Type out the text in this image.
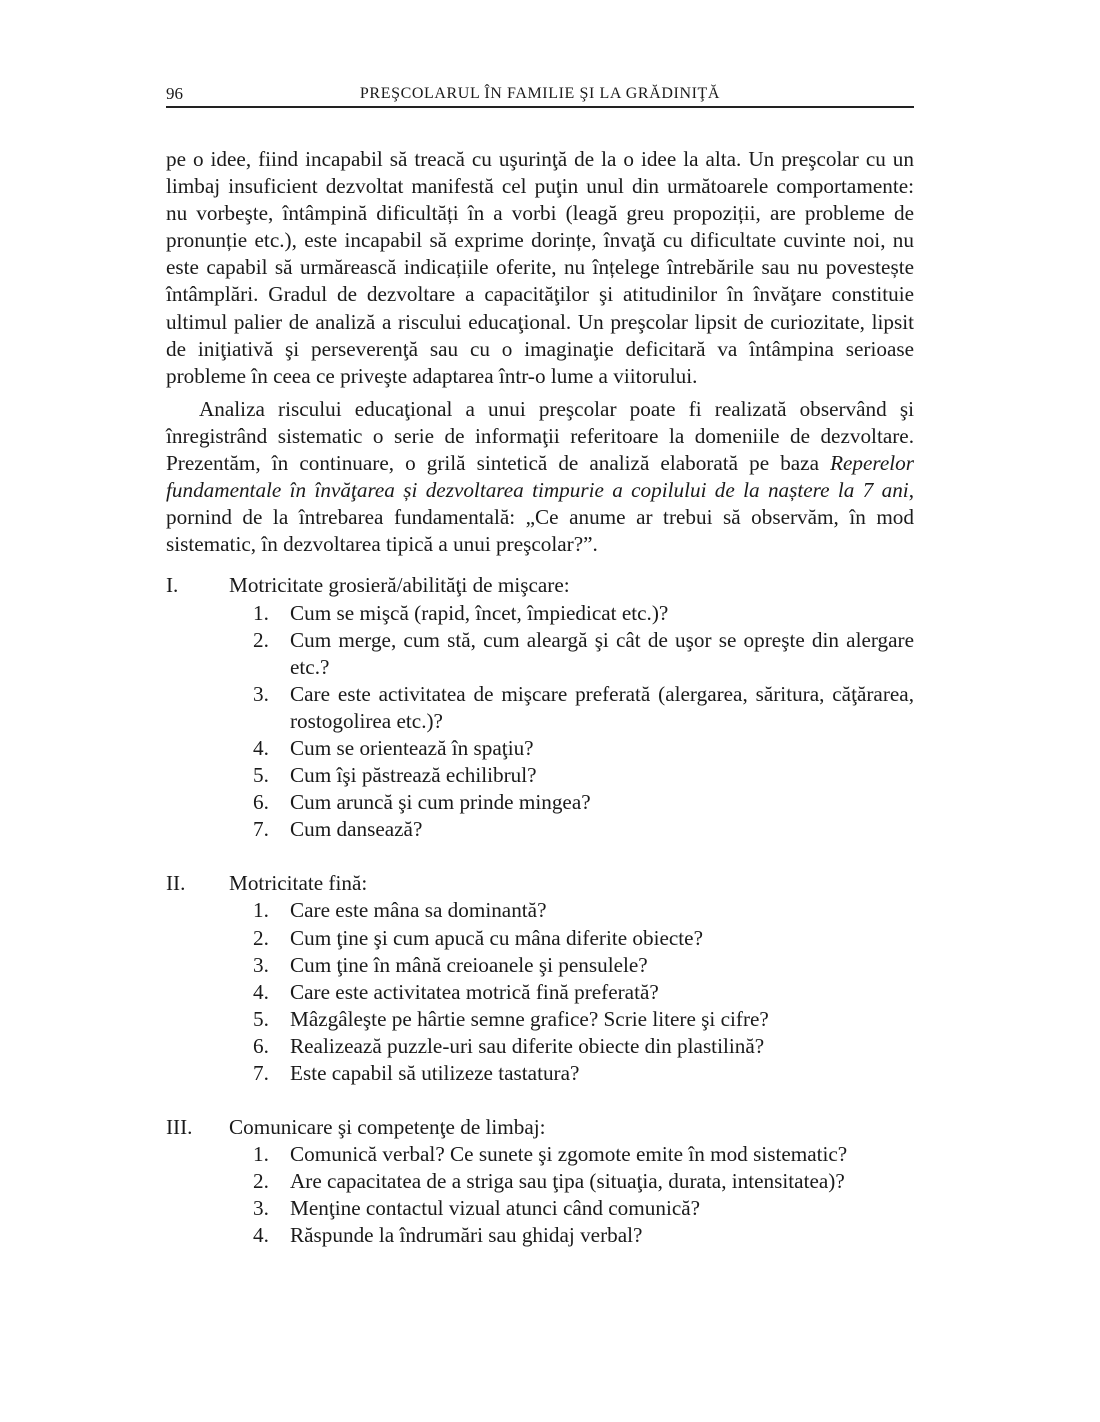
96	PREŞCOLARUL ÎN FAMILIE ŞI LA GRĂDINIŢĂ

pe o idee, fiind incapabil să treacă cu uşurinţă de la o idee la alta. Un preşcolar cu un limbaj insuficient dezvoltat manifestă cel puţin unul din următoarele comportamente: nu vorbeşte, întâmpină dificultăți în a vorbi (leagă greu propoziții, are probleme de pronunție etc.), este incapabil să exprime dorințe, învaţă cu dificultate cuvinte noi, nu este capabil să urmărească indicațiile oferite, nu înțelege întrebările sau nu povestește întâmplări. Gradul de dezvoltare a capacităţilor şi atitudinilor în învăţare constituie ultimul palier de analiză a riscului educaţional. Un preşcolar lipsit de curiozitate, lipsit de iniţiativă şi perseverenţă sau cu o imaginaţie deficitară va întâmpina serioase probleme în ceea ce priveşte adaptarea într-o lume a viitorului.

Analiza riscului educaţional a unui preşcolar poate fi realizată observând şi înregistrând sistematic o serie de informaţii referitoare la domeniile de dezvoltare. Prezentăm, în continuare, o grilă sintetică de analiză elaborată pe baza Reperelor fundamentale în învăţarea și dezvoltarea timpurie a copilului de la naștere la 7 ani, pornind de la întrebarea fundamentală: „Ce anume ar trebui să observăm, în mod sistematic, în dezvoltarea tipică a unui preşcolar?”.

I. Motricitate grosieră/abilităţi de mişcare:
1. Cum se mişcă (rapid, încet, împiedicat etc.)?
2. Cum merge, cum stă, cum aleargă şi cât de uşor se opreşte din alergare etc.?
3. Care este activitatea de mişcare preferată (alergarea, săritura, căţărarea, rostogolirea etc.)?
4. Cum se orientează în spaţiu?
5. Cum îşi păstrează echilibrul?
6. Cum aruncă şi cum prinde mingea?
7. Cum dansează?
II. Motricitate fină:
1. Care este mâna sa dominantă?
2. Cum ţine şi cum apucă cu mâna diferite obiecte?
3. Cum ţine în mână creioanele şi pensulele?
4. Care este activitatea motrică fină preferată?
5. Mâzgâleşte pe hârtie semne grafice? Scrie litere şi cifre?
6. Realizează puzzle-uri sau diferite obiecte din plastilină?
7. Este capabil să utilizeze tastatura?
III. Comunicare şi competenţe de limbaj:
1. Comunică verbal? Ce sunete şi zgomote emite în mod sistematic?
2. Are capacitatea de a striga sau ţipa (situaţia, durata, intensitatea)?
3. Menţine contactul vizual atunci când comunică?
4. Răspunde la îndrumări sau ghidaj verbal?
